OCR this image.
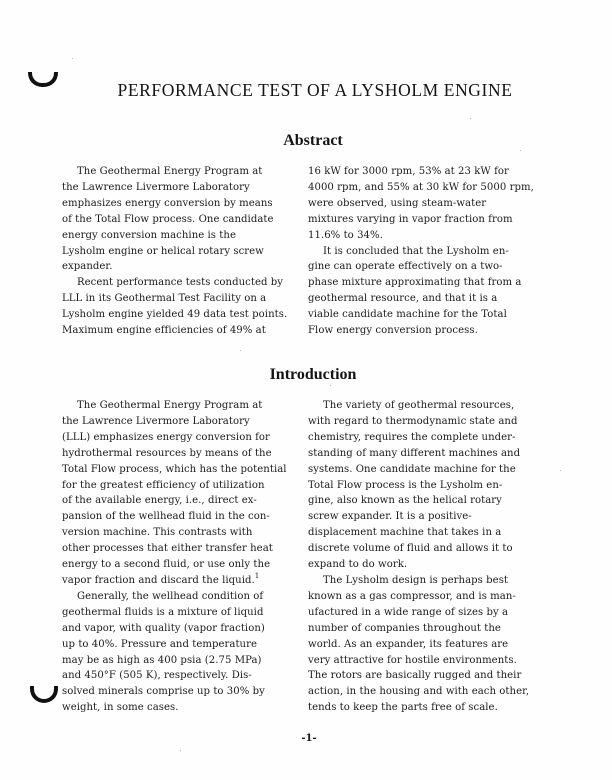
PERFORMANCE TEST OF A LYSHOLM ENGINE
Abstract
The Geothermal Energy Program at
the Lawrence Livermore Laboratory
emphasizes energy conversion by means
of the Total Flow process. One candidate
energy conversion machine is the
Lysholm engine or helical rotary screw
expander.
Recent performance tests conducted by
LLL in its Geothermal Test Facility on a
Lysholm engine yielded 49 data test points.
Maximum engine efficiencies of 49% at
16 kW for 3000 rpm, 53% at 23 kW for
4000 rpm, and 55% at 30 kW for 5000 rpm,
were observed, using steam-water
mixtures varying in vapor fraction from
11.6% to 34%.
It is concluded that the Lysholm en-
gine can operate effectively on a two-
phase mixture approximating that from a
geothermal resource, and that it is a
viable candidate machine for the Total
Flow energy conversion process.
Introduction
The Geothermal Energy Program at
the Lawrence Livermore Laboratory
(LLL) emphasizes energy conversion for
hydrothermal resources by means of the
Total Flow process, which has the potential
for the greatest efficiency of utilization
of the available energy, i.e., direct ex-
pansion of the wellhead fluid in the con-
version machine. This contrasts with
other processes that either transfer heat
energy to a second fluid, or use only the
vapor fraction and discard the liquid.$^1$
Generally, the wellhead condition of
geothermal fluids is a mixture of liquid
and vapor, with quality (vapor fraction)
up to 40%. Pressure and temperature
may be as high as 400 psia (2.75 MPa)
and 450°F (505 K), respectively. Dis-
solved minerals comprise up to 30% by
weight, in some cases.
The variety of geothermal resources,
with regard to thermodynamic state and
chemistry, requires the complete under-
standing of many different machines and
systems. One candidate machine for the
Total Flow process is the Lysholm en-
gine, also known as the helical rotary
screw expander. It is a positive-
displacement machine that takes in a
discrete volume of fluid and allows it to
expand to do work.
The Lysholm design is perhaps best
known as a gas compressor, and is man-
ufactured in a wide range of sizes by a
number of companies throughout the
world. As an expander, its features are
very attractive for hostile environments.
The rotors are basically rugged and their
action, in the housing and with each other,
tends to keep the parts free of scale.
-1-
